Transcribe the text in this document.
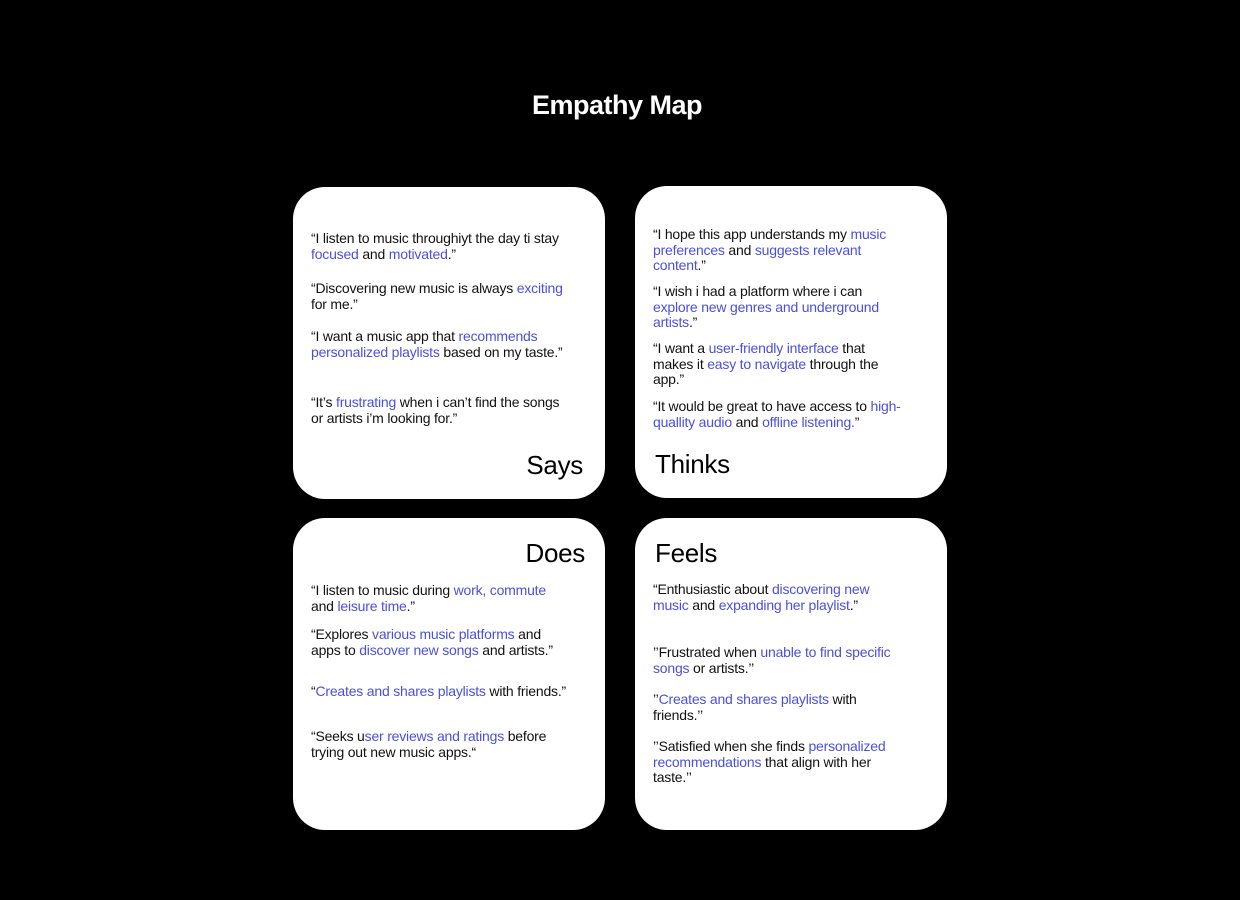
Empathy Map

“I listen to music throughiyt the day ti stay focused and motivated.”

“Discovering new music is always exciting for me.”

“I want a music app that recommends personalized playlists based on my taste.”

“It’s frustrating when i can’t find the songs or artists i’m looking for.”

Says

“I hope this app understands my music preferences and suggests relevant content.”

“I wish i had a platform where i can explore new genres and underground artists.”

“I want a user-friendly interface that makes it easy to navigate through the app.”

“It would be great to have access to high-quallity audio and offline listening.”

Thinks
Does

“I listen to music during work, commute and leisure time.”

“Explores various music platforms and apps to discover new songs and artists.”

“Creates and shares playlists with friends.”

“Seeks user reviews and ratings before trying out new music apps.“

Feels

“Enthusiastic about discovering new music and expanding her playlist.”

’’Frustrated when unable to find specific songs or artists.’’

’’Creates and shares playlists with friends.’’

’’Satisfied when she finds personalized recommendations that align with her taste.’’
